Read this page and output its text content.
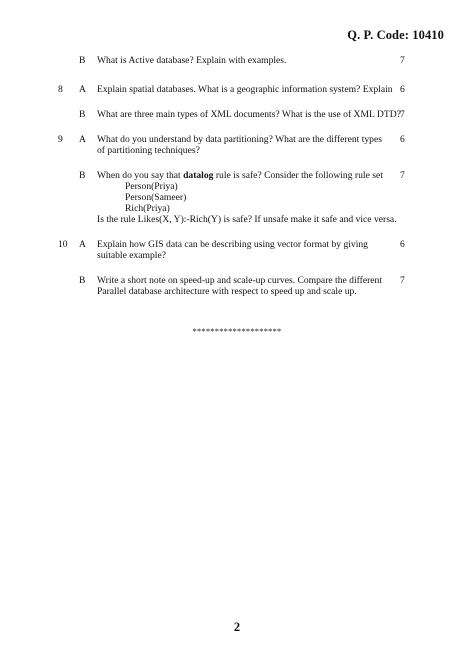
Q. P. Code: 10410
B What is Active database? Explain with examples.	7
8 A Explain spatial databases. What is a geographic information system? Explain 6
B What are three main types of XML documents? What is the use of XML DTD? 7
9 A What do you understand by data partitioning? What are the different types of partitioning techniques?
6
B When do you say that datalog rule is safe? Consider the following rule set
Person(Priya)
Person(Sameer)
Rich(Priya)
Is the rule Likes(X, Y):-Rich(Y) is safe? If unsafe make it safe and vice versa.
7
10 A Explain how GIS data can be describing using vector format by giving suitable example?
6
B Write a short note on speed-up and scale-up curves. Compare the different Parallel database architecture with respect to speed up and scale up.
7
********************
2
